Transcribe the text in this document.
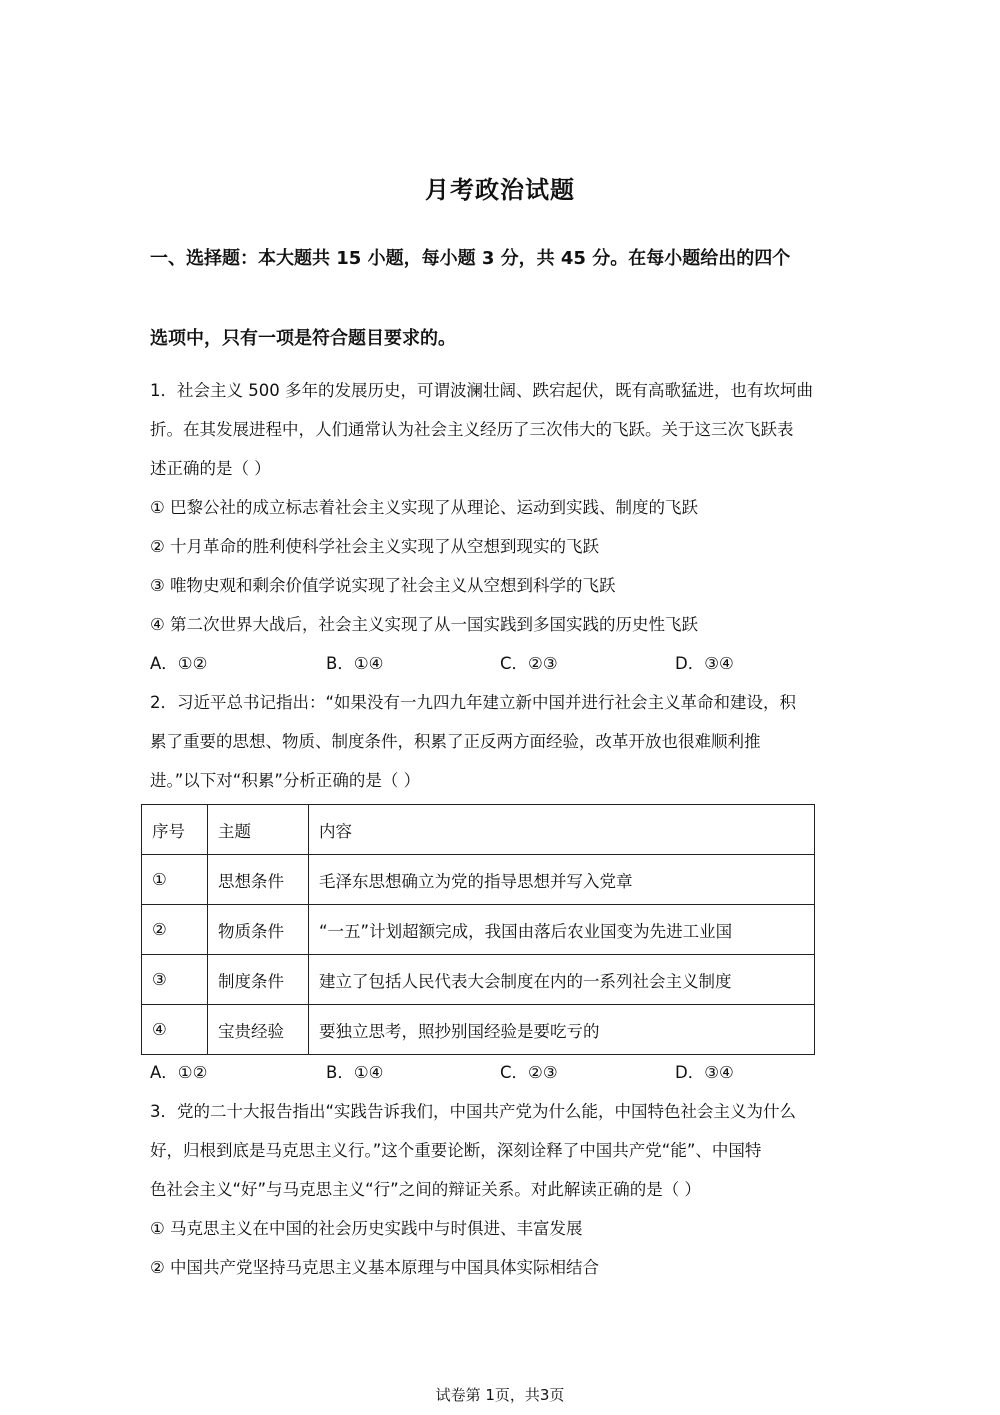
月考政治试题
一、选择题：本大题共 15 小题，每小题 3 分，共 45 分。在每小题给出的四个
选项中，只有一项是符合题目要求的。
1．社会主义 500 多年的发展历史，可谓波澜壮阔、跌宕起伏，既有高歌猛进，也有坎坷曲
折。在其发展进程中，人们通常认为社会主义经历了三次伟大的飞跃。关于这三次飞跃表
述正确的是（ ）
① 巴黎公社的成立标志着社会主义实现了从理论、运动到实践、制度的飞跃
② 十月革命的胜利使科学社会主义实现了从空想到现实的飞跃
③ 唯物史观和剩余价值学说实现了社会主义从空想到科学的飞跃
④ 第二次世界大战后，社会主义实现了从一国实践到多国实践的历史性飞跃
A．①②	B．①④	C．②③	D．③④
2．习近平总书记指出：“如果没有一九四九年建立新中国并进行社会主义革命和建设，积
累了重要的思想、物质、制度条件，积累了正反两方面经验，改革开放也很难顺利推
进。”以下对“积累”分析正确的是（ ）
序号	主题	内容
①	思想条件	毛泽东思想确立为党的指导思想并写入党章
②	物质条件	“一五”计划超额完成，我国由落后农业国变为先进工业国
③	制度条件	建立了包括人民代表大会制度在内的一系列社会主义制度
④	宝贵经验	要独立思考，照抄别国经验是要吃亏的
A．①②	B．①④	C．②③	D．③④
3．党的二十大报告指出“实践告诉我们，中国共产党为什么能，中国特色社会主义为什么
好，归根到底是马克思主义行。”这个重要论断，深刻诠释了中国共产党“能”、中国特
色社会主义“好”与马克思主义“行”之间的辩证关系。对此解读正确的是（ ）
① 马克思主义在中国的社会历史实践中与时俱进、丰富发展
② 中国共产党坚持马克思主义基本原理与中国具体实际相结合
试卷第 1页，共3页
